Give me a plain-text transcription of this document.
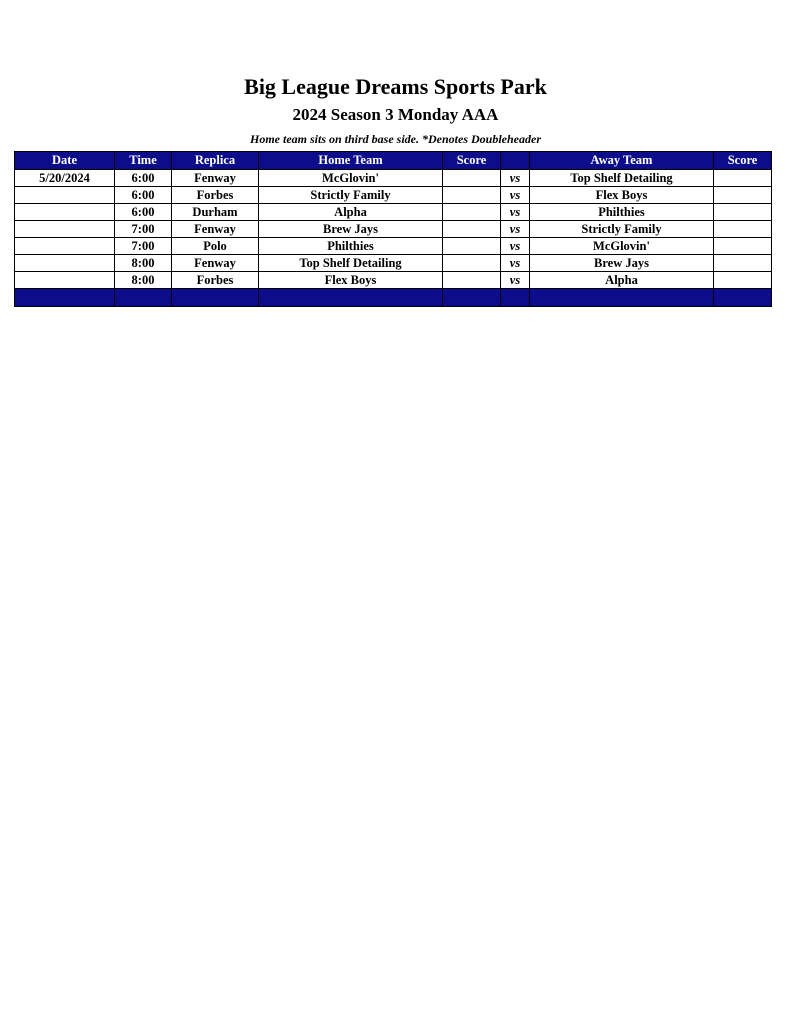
Big League Dreams Sports Park
2024 Season 3 Monday AAA
Home team sits on third base side. *Denotes Doubleheader
Date	Time	Replica	Home Team	Score		Away Team	Score
5/20/2024	6:00	Fenway	McGlovin'		vs	Top Shelf Detailing	
	6:00	Forbes	Strictly Family		vs	Flex Boys	
	6:00	Durham	Alpha		vs	Philthies	
	7:00	Fenway	Brew Jays		vs	Strictly Family	
	7:00	Polo	Philthies		vs	McGlovin'	
	8:00	Fenway	Top Shelf Detailing		vs	Brew Jays	
	8:00	Forbes	Flex Boys		vs	Alpha	
